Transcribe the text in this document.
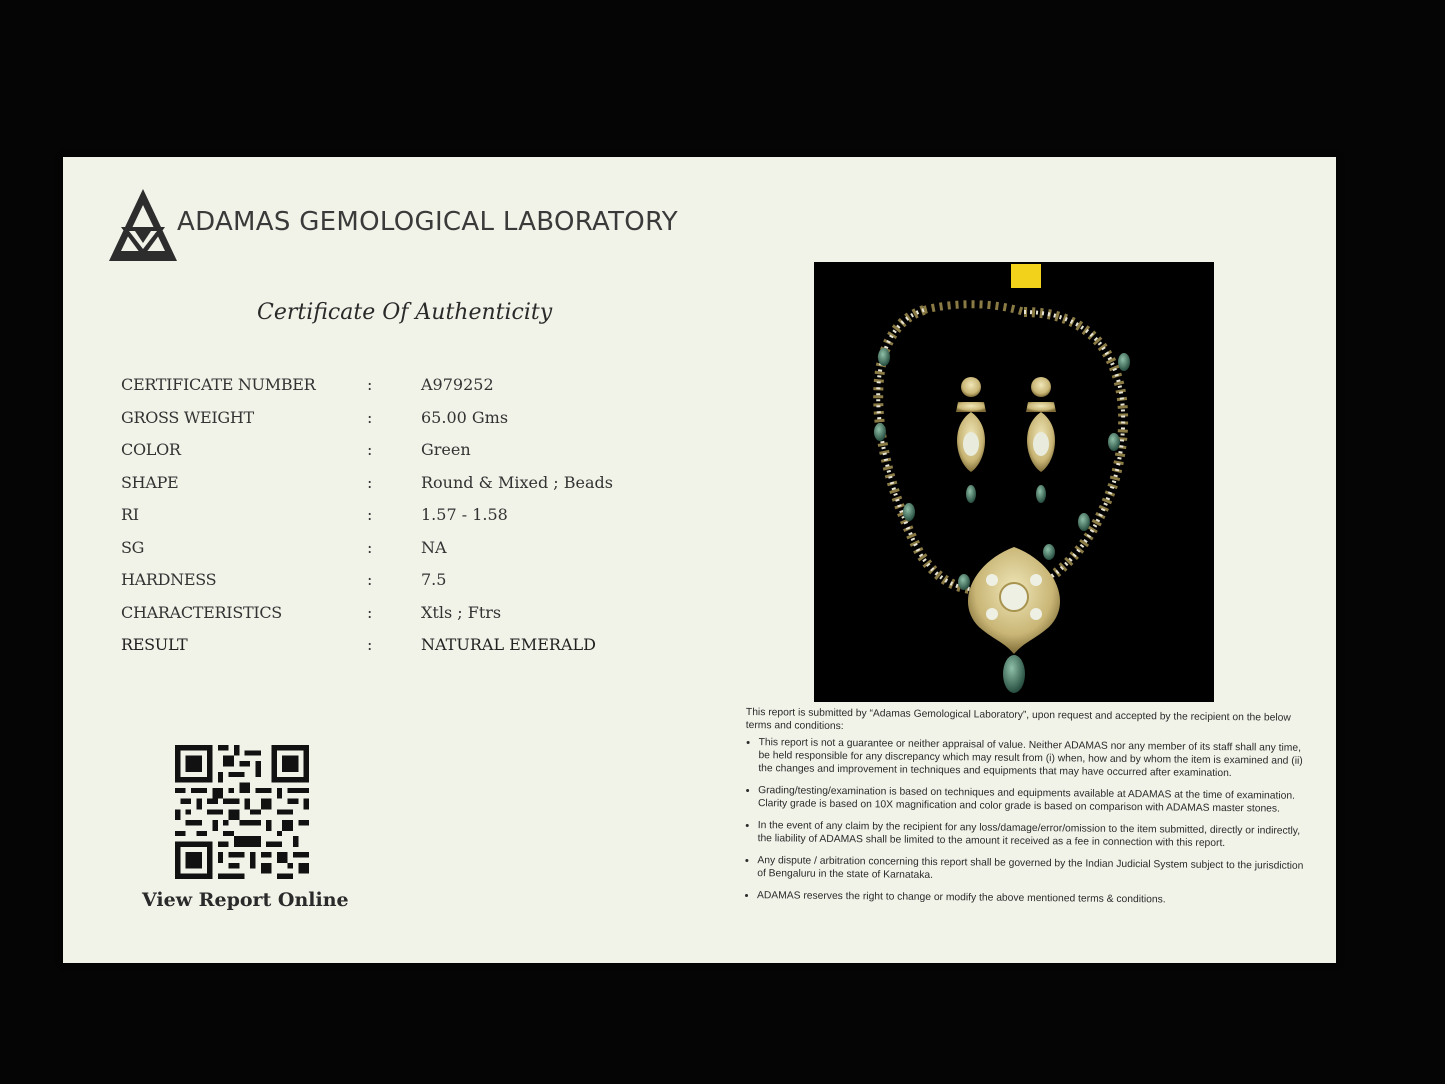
ADAMAS GEMOLOGICAL LABORATORY
Certificate Of Authenticity
CERTIFICATE NUMBER	:	A979252
GROSS WEIGHT	:	65.00 Gms
COLOR	:	Green
SHAPE	:	Round & Mixed ; Beads
RI	:	1.57 - 1.58
SG	:	NA
HARDNESS	:	7.5
CHARACTERISTICS	:	Xtls ; Ftrs
RESULT	:	NATURAL EMERALD
View Report Online

This report is submitted by “Adamas Gemological Laboratory”, upon request and accepted by the recipient on the below terms and conditions:

• This report is not a guarantee or neither appraisal of value. Neither ADAMAS nor any member of its staff shall any time, be held responsible for any discrepancy which may result from (i) when, how and by whom the item is examined and (ii) the changes and improvement in techniques and equipments that may have occurred after examination.
• Grading/testing/examination is based on techniques and equipments available at ADAMAS at the time of examination. Clarity grade is based on 10X magnification and color grade is based on comparison with ADAMAS master stones.
• In the event of any claim by the recipient for any loss/damage/error/omission to the item submitted, directly or indirectly, the liability of ADAMAS shall be limited to the amount it received as a fee in connection with this report.
• Any dispute / arbitration concerning this report shall be governed by the Indian Judicial System subject to the jurisdiction of Bengaluru in the state of Karnataka.
• ADAMAS reserves the right to change or modify the above mentioned terms & conditions.
